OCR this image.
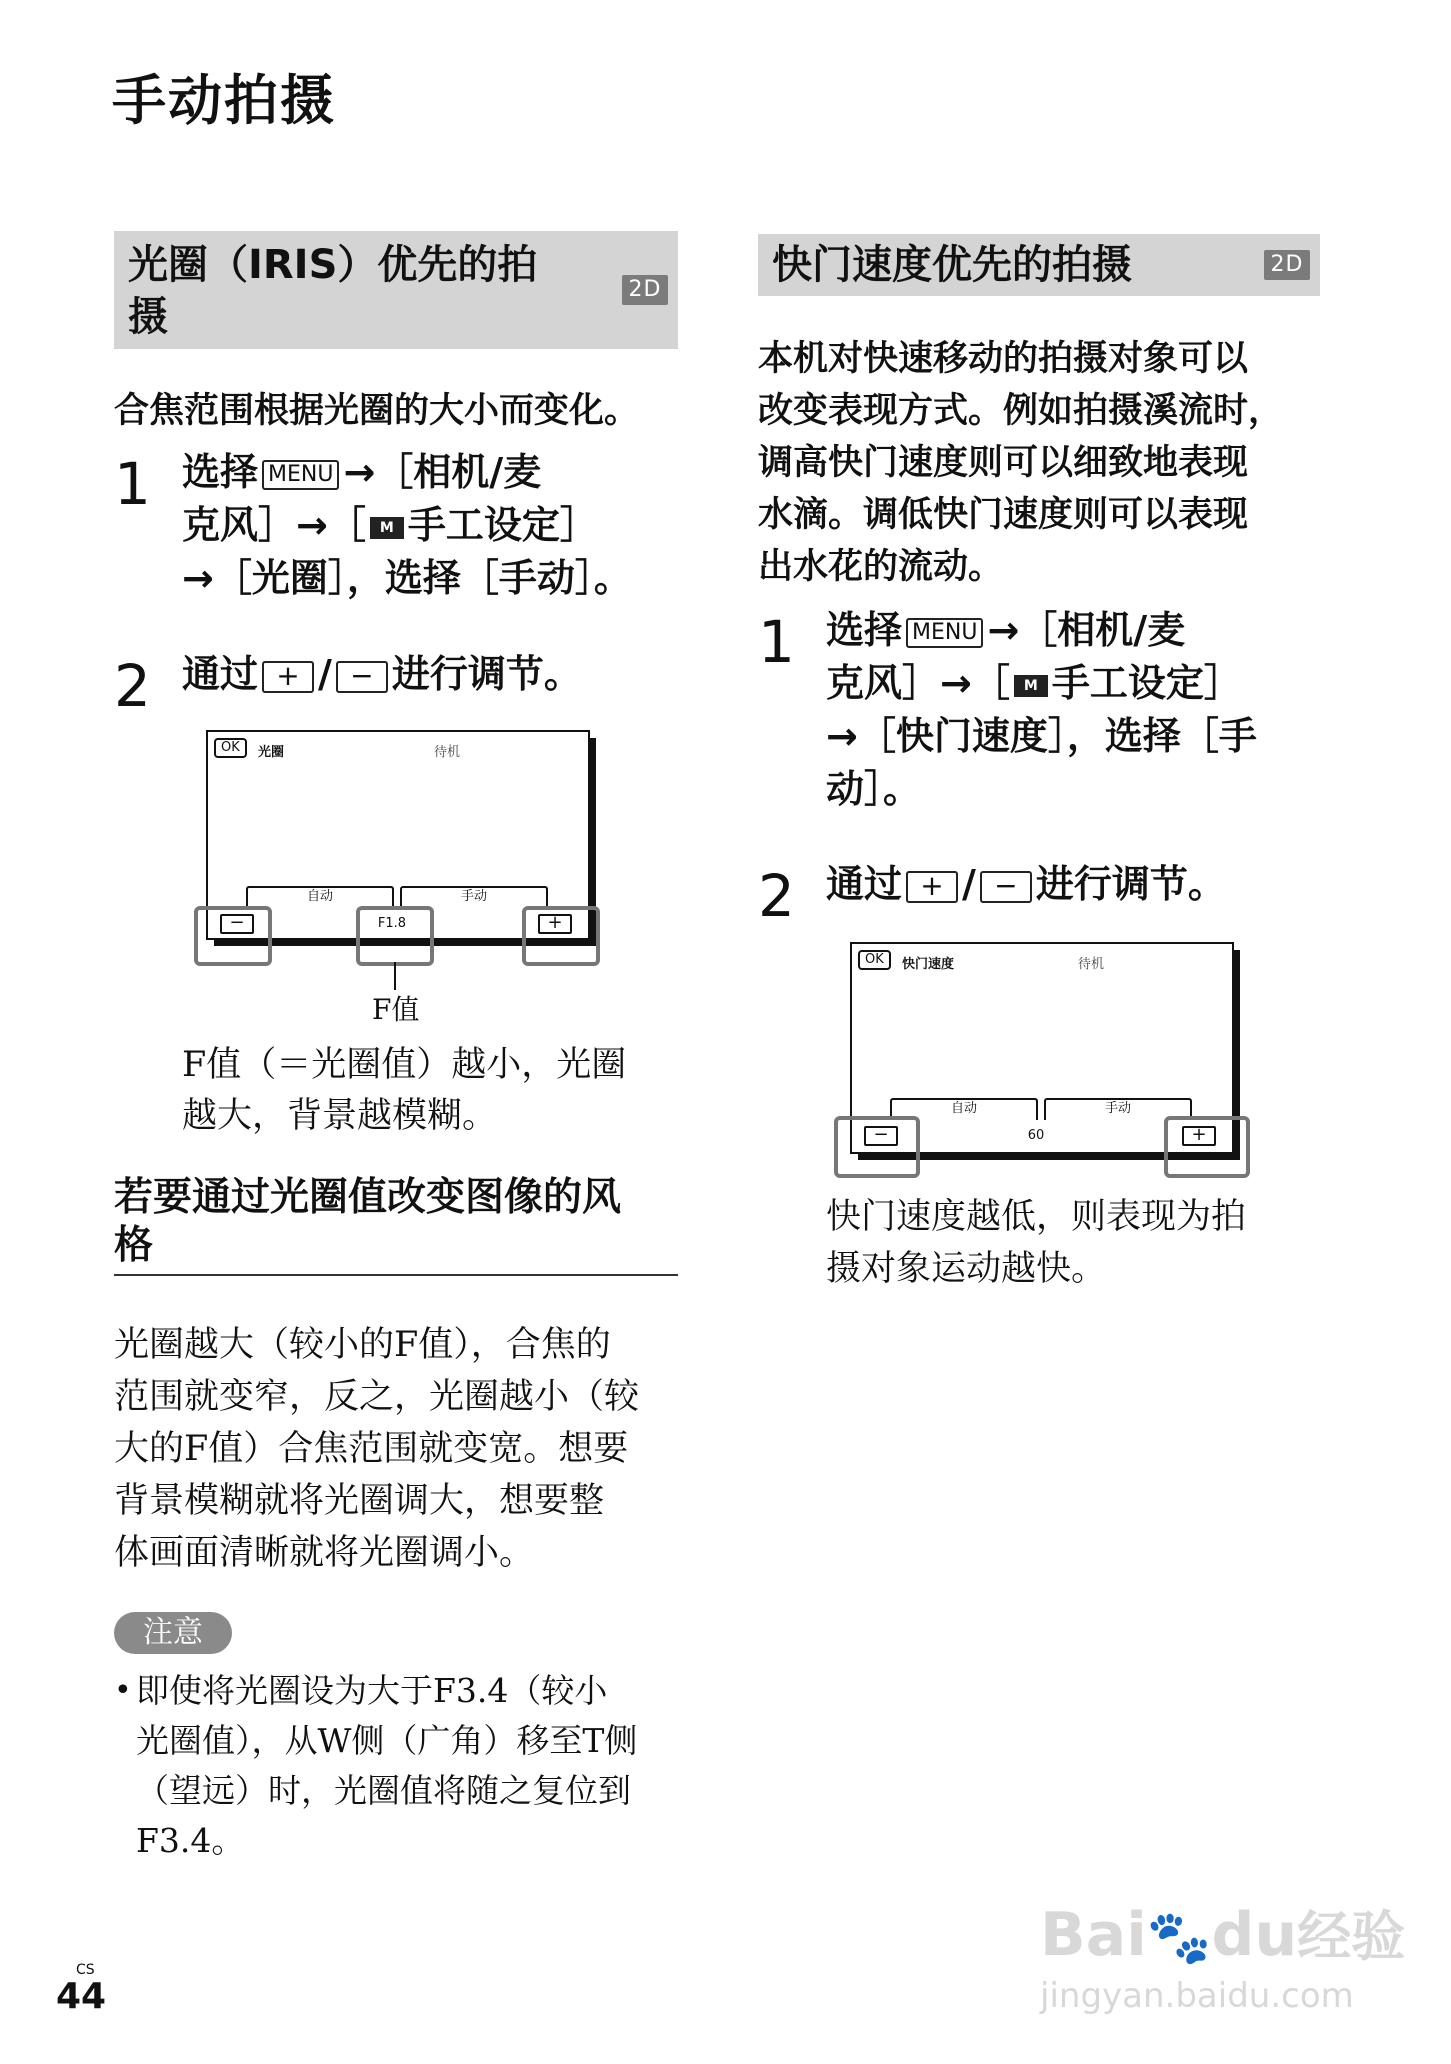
手动拍摄
光圈（IRIS）优先的拍
摄
2D
合焦范围根据光圈的大小而变化。
1 选择 MENU →［相机/麦
克风］→［ M 手工设定］
→［光圈］，选择［手动］。
2 通过 + / − 进行调节。
OK	光圈	待机
自动	手动
−	+
F1.8
F值
F值（＝光圈值）越小，光圈
越大，背景越模糊。
若要通过光圈值改变图像的风
格
光圈越大（较小的F值），合焦的
范围就变窄，反之，光圈越小（较
大的F值）合焦范围就变宽。想要
背景模糊就将光圈调大，想要整
体画面清晰就将光圈调小。
注意
• 即使将光圈设为大于F3.4（较小
光圈值），从W侧（广角）移至T侧
（望远）时，光圈值将随之复位到
F3.4。
快门速度优先的拍摄	2D
本机对快速移动的拍摄对象可以
改变表现方式。例如拍摄溪流时，
调高快门速度则可以细致地表现
水滴。调低快门速度则可以表现
出水花的流动。
1 选择 MENU →［相机/麦
克风］→［ M 手工设定］
→［快门速度］，选择［手
动］。
2 通过 + / − 进行调节。
OK	快门速度	待机
自动	手动
−	+
60
快门速度越低，则表现为拍
摄对象运动越快。
CS
44
Bai🐾du经验
jingyan.baidu.com
